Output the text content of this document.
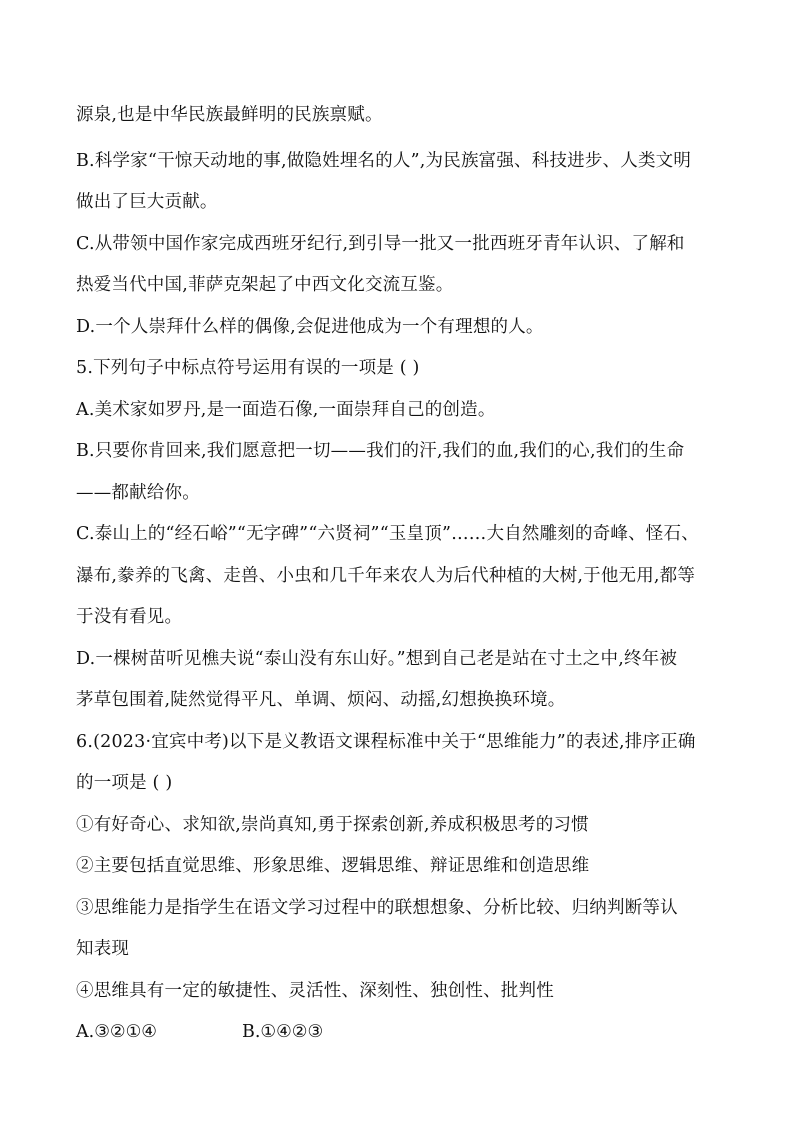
源泉,也是中华民族最鲜明的民族禀赋。
B.科学家“干惊天动地的事,做隐姓埋名的人”,为民族富强、科技进步、人类文明
做出了巨大贡献。
C.从带领中国作家完成西班牙纪行,到引导一批又一批西班牙青年认识、了解和
热爱当代中国,菲萨克架起了中西文化交流互鉴。
D.一个人崇拜什么样的偶像,会促进他成为一个有理想的人。
5.下列句子中标点符号运用有误的一项是 ( )
A.美术家如罗丹,是一面造石像,一面崇拜自己的创造。
B.只要你肯回来,我们愿意把一切——我们的汗,我们的血,我们的心,我们的生命
——都献给你。
C.泰山上的“经石峪”“无字碑”“六贤祠”“玉皇顶”……大自然雕刻的奇峰、怪石、
瀑布,豢养的飞禽、走兽、小虫和几千年来农人为后代种植的大树,于他无用,都等
于没有看见。
D.一棵树苗听见樵夫说“泰山没有东山好。”想到自己老是站在寸土之中,终年被
茅草包围着,陡然觉得平凡、单调、烦闷、动摇,幻想换换环境。
6.(2023·宜宾中考)以下是义教语文课程标准中关于“思维能力”的表述,排序正确
的一项是 ( )
①有好奇心、求知欲,崇尚真知,勇于探索创新,养成积极思考的习惯
②主要包括直觉思维、形象思维、逻辑思维、辩证思维和创造思维
③思维能力是指学生在语文学习过程中的联想想象、分析比较、归纳判断等认
知表现
④思维具有一定的敏捷性、灵活性、深刻性、独创性、批判性
A.③②①④	B.①④②③
